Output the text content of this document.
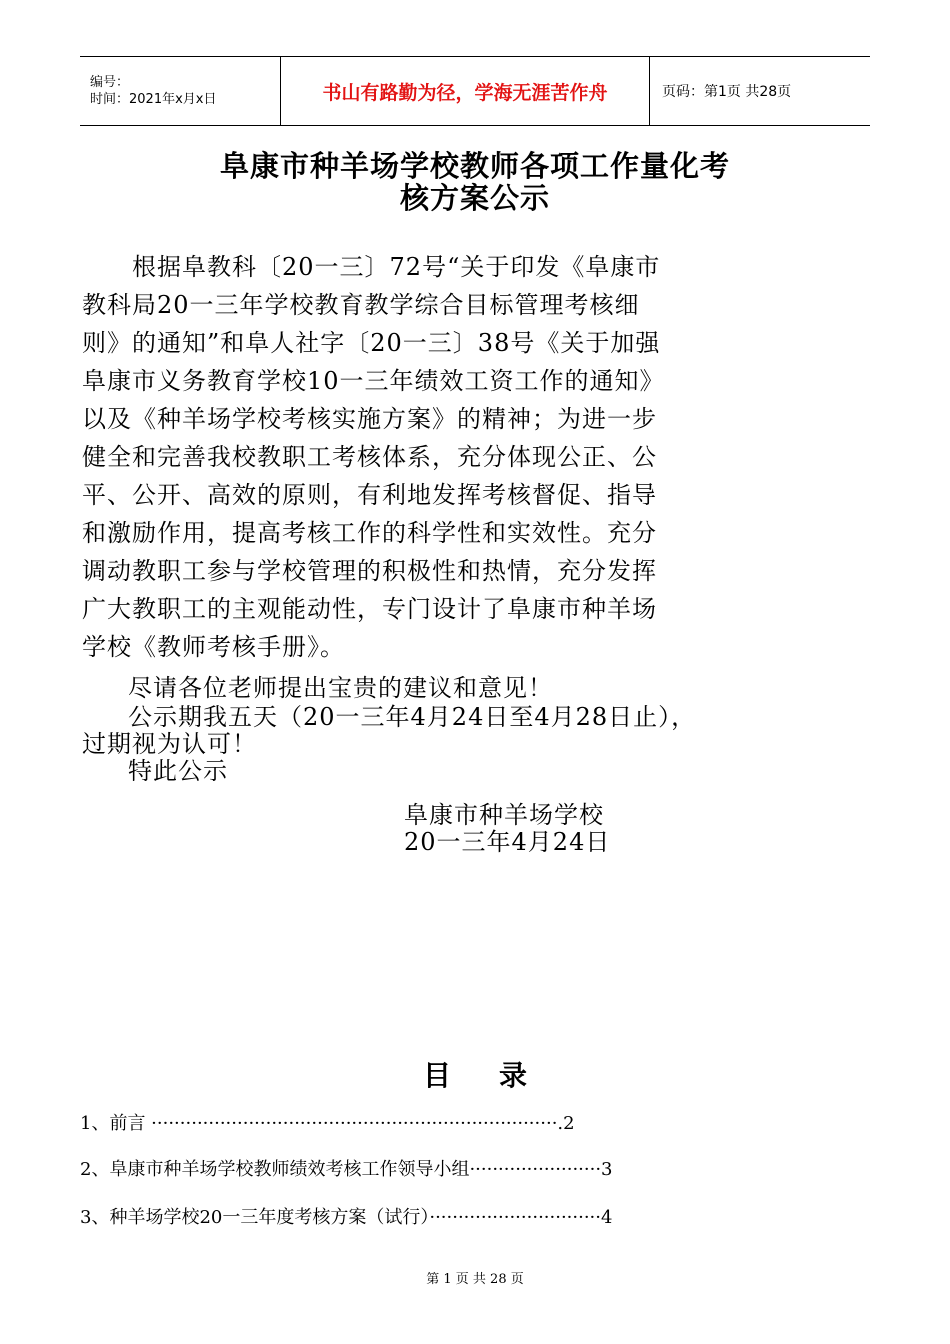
编号：
时间：2021年x月x日	书山有路勤为径，学海无涯苦作舟	页码：第1页 共28页
阜康市种羊场学校教师各项工作量化考
核方案公示
　　根据阜教科〔20一三〕72号“关于印发《阜康市
教科局20一三年学校教育教学综合目标管理考核细
则》的通知”和阜人社字〔20一三〕38号《关于加强
阜康市义务教育学校10一三年绩效工资工作的通知》
以及《种羊场学校考核实施方案》的精神；为进一步
健全和完善我校教职工考核体系，充分体现公正、公
平、公开、高效的原则，有利地发挥考核督促、指导
和激励作用，提高考核工作的科学性和实效性。充分
调动教职工参与学校管理的积极性和热情，充分发挥
广大教职工的主观能动性，专门设计了阜康市种羊场
学校《教师考核手册》。
尽请各位老师提出宝贵的建议和意见！
公示期我五天（20一三年4月24日至4月28日止），
过期视为认可！
特此公示
阜康市种羊场学校
20一三年4月24日
目 录
1、前言 ·······································································.2
2、阜康市种羊场学校教师绩效考核工作领导小组·······················3
3、种羊场学校20一三年度考核方案（试行）······························4
第 1 页 共 28 页
